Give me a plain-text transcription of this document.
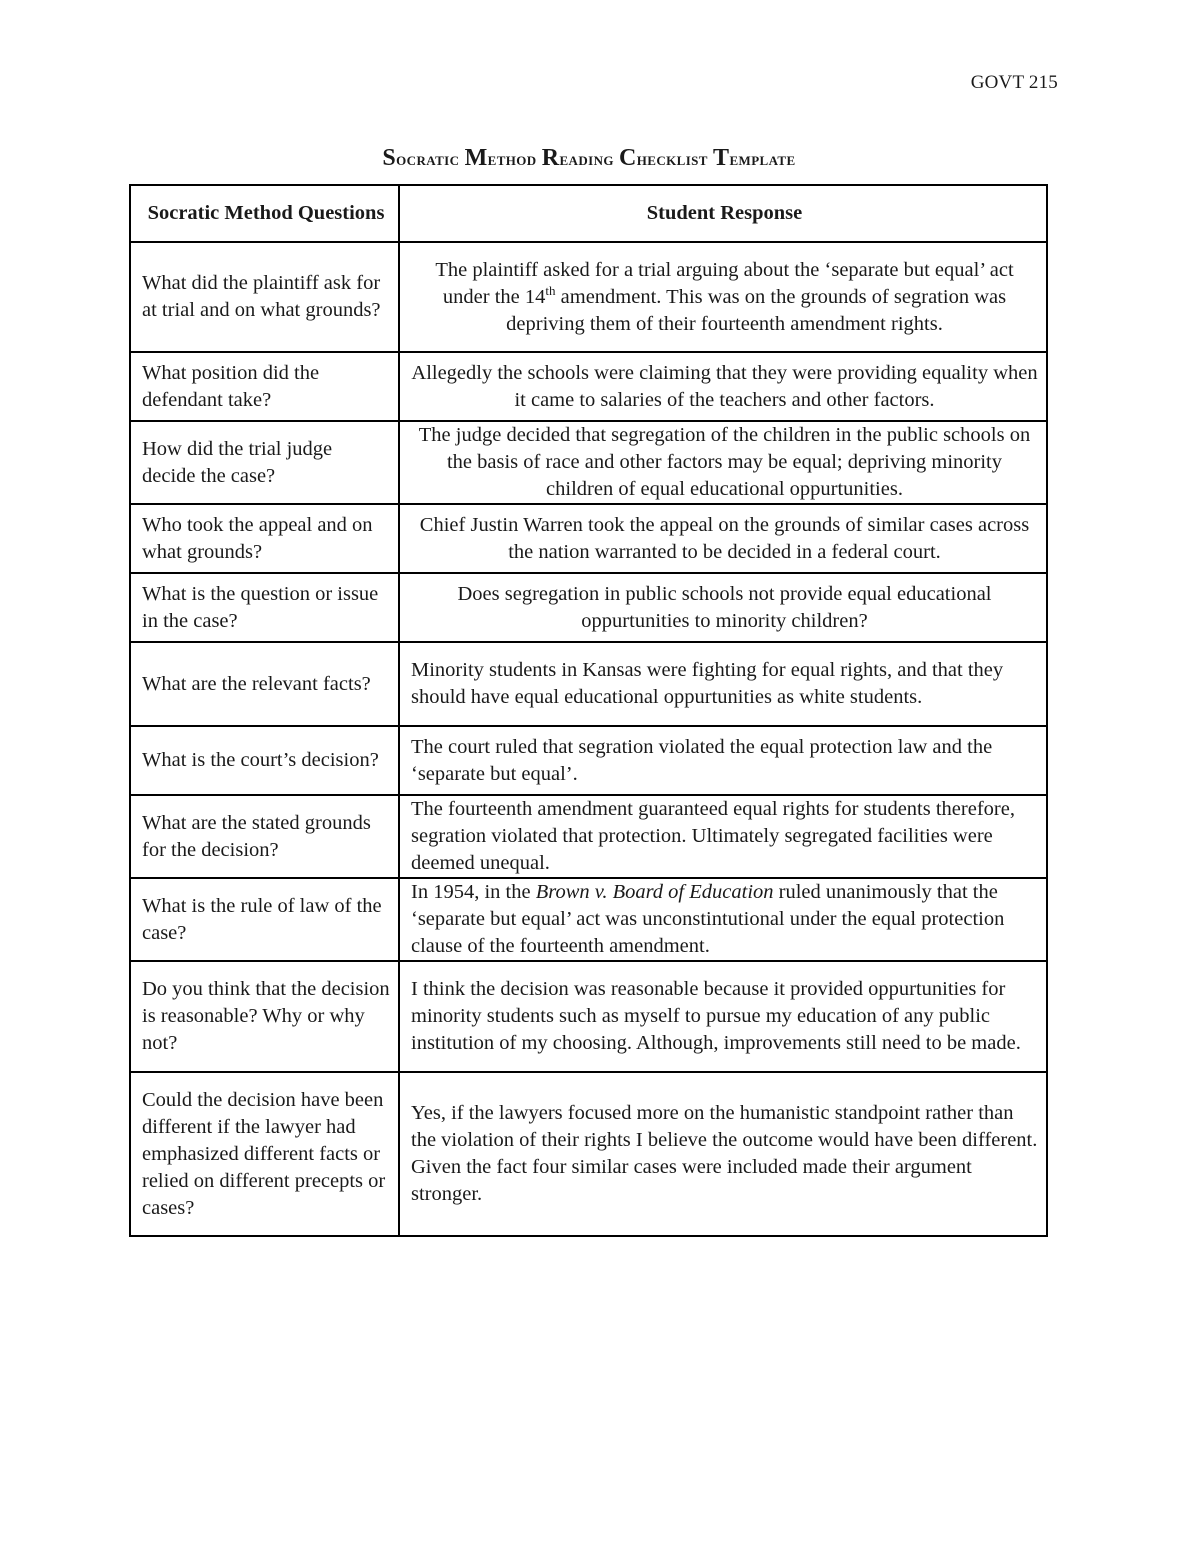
GOVT 215
Socratic Method Reading Checklist Template
Socratic Method Questions	Student Response
What did the plaintiff ask for at trial and on what grounds?	The plaintiff asked for a trial arguing about the ‘separate but equal’ act under the 14th amendment. This was on the grounds of segration was depriving them of their fourteenth amendment rights.
What position did the defendant take?	Allegedly the schools were claiming that they were providing equality when it came to salaries of the teachers and other factors.
How did the trial judge decide the case?	The judge decided that segregation of the children in the public schools on the basis of race and other factors may be equal; depriving minority children of equal educational oppurtunities.
Who took the appeal and on what grounds?	Chief Justin Warren took the appeal on the grounds of similar cases across the nation warranted to be decided in a federal court.
What is the question or issue in the case?	Does segregation in public schools not provide equal educational oppurtunities to minority children?
What are the relevant facts?	Minority students in Kansas were fighting for equal rights, and that they should have equal educational oppurtunities as white students.
What is the court’s decision?	The court ruled that segration violated the equal protection law and the ‘separate but equal’.
What are the stated grounds for the decision?	The fourteenth amendment guaranteed equal rights for students therefore, segration violated that protection. Ultimately segregated facilities were deemed unequal.
What is the rule of law of the case?	In 1954, in the Brown v. Board of Education ruled unanimously that the ‘separate but equal’ act was unconstintutional under the equal protection clause of the fourteenth amendment.
Do you think that the decision is reasonable? Why or why not?	I think the decision was reasonable because it provided oppurtunities for minority students such as myself to pursue my education of any public institution of my choosing. Although, improvements still need to be made.
Could the decision have been different if the lawyer had emphasized different facts or relied on different precepts or cases?	Yes, if the lawyers focused more on the humanistic standpoint rather than the violation of their rights I believe the outcome would have been different. Given the fact four similar cases were included made their argument stronger.
